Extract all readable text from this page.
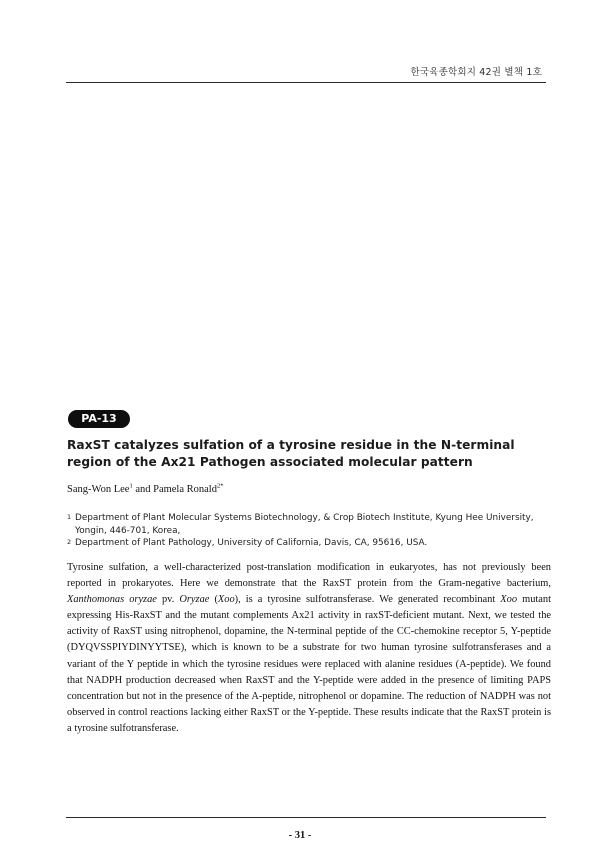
한국육종학회지 42권 별책 1호
PA-13
RaxST catalyzes sulfation of a tyrosine residue in the N-terminal region of the Ax21 Pathogen associated molecular pattern
Sang-Won Lee$^1$ and Pamela Ronald$^{2*}$
1 Department of Plant Molecular Systems Biotechnology, & Crop Biotech Institute, Kyung Hee University, Yongin, 446-701, Korea,
2 Department of Plant Pathology, University of California, Davis, CA, 95616, USA.

Tyrosine sulfation, a well-characterized post-translation modification in eukaryotes, has not previously been reported in prokaryotes. Here we demonstrate that the RaxST protein from the Gram-negative bacterium, Xanthomonas oryzae pv. Oryzae (Xoo), is a tyrosine sulfotransferase. We generated recombinant Xoo mutant expressing His-RaxST and the mutant complements Ax21 activity in raxST-deficient mutant. Next, we tested the activity of RaxST using nitrophenol, dopamine, the N-terminal peptide of the CC-chemokine receptor 5, Y-peptide (DYQVSSPIYDINYYTSE), which is known to be a substrate for two human tyrosine sulfotransferases and a variant of the Y peptide in which the tyrosine residues were replaced with alanine residues (A-peptide). We found that NADPH production decreased when RaxST and the Y-peptide were added in the presence of limiting PAPS concentration but not in the presence of the A-peptide, nitrophenol or dopamine. The reduction of NADPH was not observed in control reactions lacking either RaxST or the Y-peptide. These results indicate that the RaxST protein is a tyrosine sulfotransferase.

- 31 -
